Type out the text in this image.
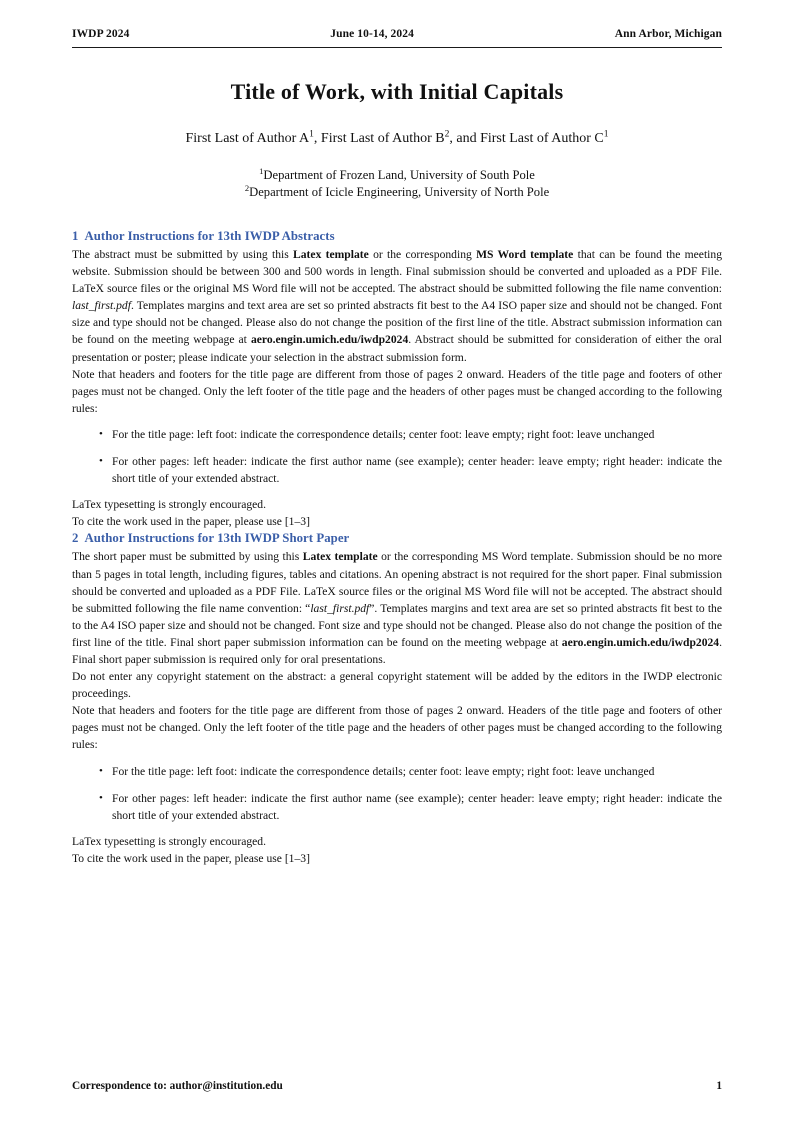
IWDP 2024	June 10-14, 2024	Ann Arbor, Michigan
Title of Work, with Initial Capitals
First Last of Author $A^1$, First Last of Author $B^2$, and First Last of Author $C^1$
$^1$Department of Frozen Land, University of South Pole
$^2$Department of Icicle Engineering, University of North Pole
1 Author Instructions for 13th IWDP Abstracts

The abstract must be submitted by using this Latex template or the corresponding MS Word template that can be found the meeting website. Submission should be between 300 and 500 words in length. Final submission should be converted and uploaded as a PDF File. LaTeX source files or the original MS Word file will not be accepted. The abstract should be submitted following the file name convention: last_first.pdf. Templates margins and text area are set so printed abstracts fit best to the A4 ISO paper size and should not be changed. Font size and type should not be changed. Please also do not change the position of the first line of the title. Abstract submission information can be found on the meeting webpage at aero.engin.umich.edu/iwdp2024. Abstract should be submitted for consideration of either the oral presentation or poster; please indicate your selection in the abstract submission form.

Note that headers and footers for the title page are different from those of pages 2 onward. Headers of the title page and footers of other pages must not be changed. Only the left footer of the title page and the headers of other pages must be changed according to the following rules:

• For the title page: left foot: indicate the correspondence details; center foot: leave empty; right foot: leave unchanged
• For other pages: left header: indicate the first author name (see example); center header: leave empty; right header: indicate the short title of your extended abstract.

LaTex typesetting is strongly encouraged.

To cite the work used in the paper, please use [1–3]

2 Author Instructions for 13th IWDP Short Paper

The short paper must be submitted by using this Latex template or the corresponding MS Word template. Submission should be no more than 5 pages in total length, including figures, tables and citations. An opening abstract is not required for the short paper. Final submission should be converted and uploaded as a PDF File. LaTeX source files or the original MS Word file will not be accepted. The abstract should be submitted following the file name convention: “last_first.pdf”. Templates margins and text area are set so printed abstracts fit best to the to the A4 ISO paper size and should not be changed. Font size and type should not be changed. Please also do not change the position of the first line of the title. Final short paper submission information can be found on the meeting webpage at aero.engin.umich.edu/iwdp2024. Final short paper submission is required only for oral presentations.

Do not enter any copyright statement on the abstract: a general copyright statement will be added by the editors in the IWDP electronic proceedings.

Note that headers and footers for the title page are different from those of pages 2 onward. Headers of the title page and footers of other pages must not be changed. Only the left footer of the title page and the headers of other pages must be changed according to the following rules:

• For the title page: left foot: indicate the correspondence details; center foot: leave empty; right foot: leave unchanged
• For other pages: left header: indicate the first author name (see example); center header: leave empty; right header: indicate the short title of your extended abstract.

LaTex typesetting is strongly encouraged.

To cite the work used in the paper, please use [1–3]

Correspondence to: author@institution.edu	1
